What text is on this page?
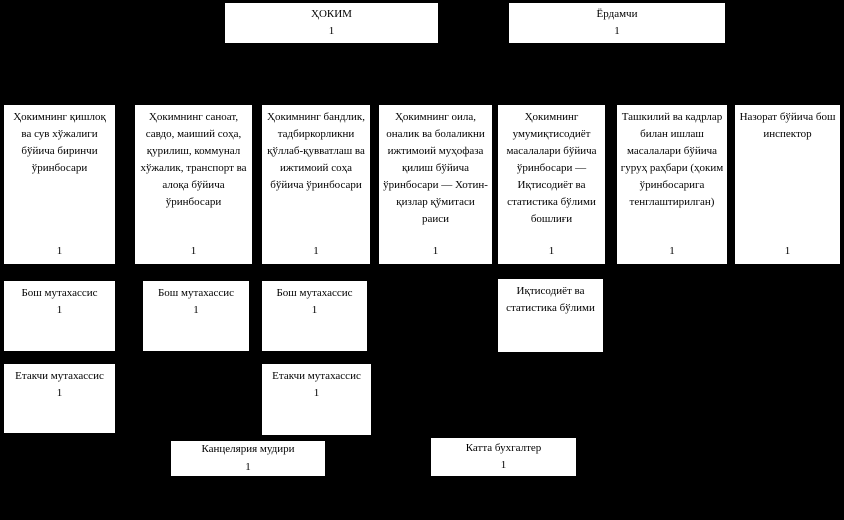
ҲОКИМ
1
Ёрдамчи
1
Ҳокимнинг қишлоқ ва сув хўжалиги бўйича биринчи ўринбосари
1
Ҳокимнинг саноат, савдо, маиший соҳа, қурилиш, коммунал хўжалик, транспорт ва алоқа бўйича ўринбосари
1
Ҳокимнинг бандлик, тадбиркорликни қўллаб-қувватлаш ва ижтимоий соҳа бўйича ўринбосари
1
Ҳокимнинг оила, оналик ва болаликни ижтимоий муҳофаза қилиш бўйича ўринбосари — Хотин-қизлар қўмитаси раиси
1
Ҳокимнинг умумиқтисодиёт масалалари бўйича ўринбосари — Иқтисодиёт ва статистика бўлими бошлиғи
1
Ташкилий ва кадрлар билан ишлаш масалалари бўйича гуруҳ раҳбари (ҳоким ўринбосарига тенглаштирилган)
1
Назорат бўйича бош инспектор
1
Бош мутахассис
1
Бош мутахассис
1
Бош мутахассис
1
Иқтисодиёт ва статистика бўлими
Етакчи мутахассис
1
Етакчи мутахассис
1
Канцелярия мудири
1
Катта бухгалтер
1
